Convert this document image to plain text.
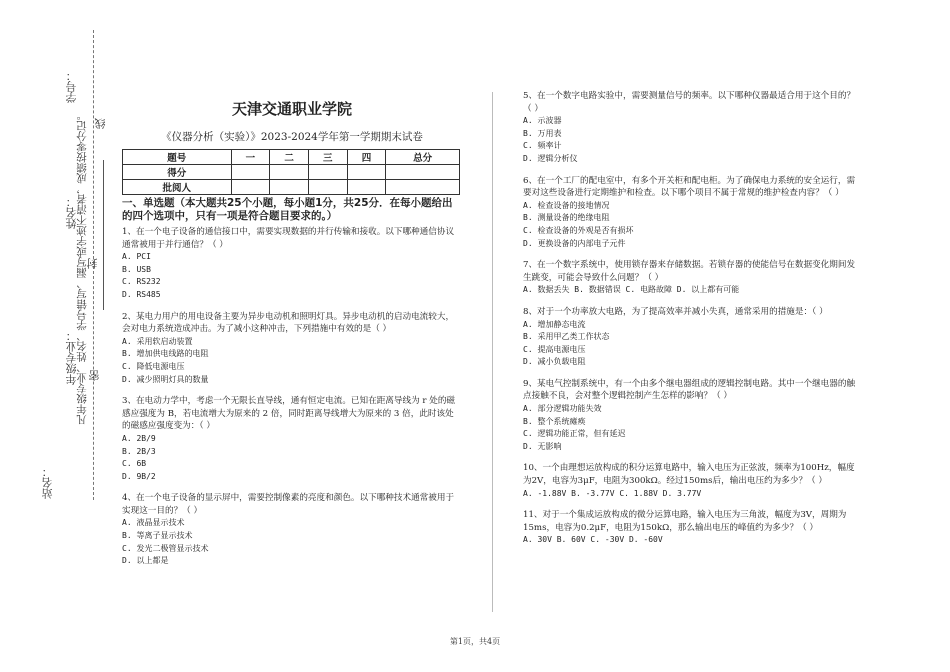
学号：
线
姓名：
封
凡年级专业、姓名、学号错写、漏写或字迹不清者，成绩按零分记。 密
年级专业：
站名：
天津交通职业学院
《仪器分析（实验）》2023-2024学年第一学期期末试卷
题号	一	二	三	四	总分
得分					
批阅人					
一、单选题（本大题共25个小题，每小题1分，共25分．在每小题给出的四个选项中，只有一项是符合题目要求的。）

1、在一个电子设备的通信接口中，需要实现数据的并行传输和接收。以下哪种通信协议通常被用于并行通信？（ ）

A. PCI

B. USB

C. RS232

D. RS485

2、某电力用户的用电设备主要为异步电动机和照明灯具。异步电动机的启动电流较大，会对电力系统造成冲击。为了减小这种冲击，下列措施中有效的是（ ）

A. 采用软启动装置

B. 增加供电线路的电阻

C. 降低电源电压

D. 减少照明灯具的数量

3、在电动力学中，考虑一个无限长直导线，通有恒定电流。已知在距离导线为 r 处的磁感应强度为 B，若电流增大为原来的 2 倍，同时距离导线增大为原来的 3 倍，此时该处的磁感应强度变为：（ ）

A. 2B/9

B. 2B/3

C. 6B

D. 9B/2

4、在一个电子设备的显示屏中，需要控制像素的亮度和颜色。以下哪种技术通常被用于实现这一目的？（ ）

A. 液晶显示技术

B. 等离子显示技术

C. 发光二极管显示技术

D. 以上都是

5、在一个数字电路实验中，需要测量信号的频率。以下哪种仪器最适合用于这个目的？（ ）

A. 示波器

B. 万用表

C. 频率计

D. 逻辑分析仪

6、在一个工厂的配电室中，有多个开关柜和配电柜。为了确保电力系统的安全运行，需要对这些设备进行定期维护和检查。以下哪个项目不属于常规的维护检查内容？（ ）

A. 检查设备的接地情况

B. 测量设备的绝缘电阻

C. 检查设备的外观是否有损坏

D. 更换设备的内部电子元件

7、在一个数字系统中，使用锁存器来存储数据。若锁存器的使能信号在数据变化期间发生跳变，可能会导致什么问题？（ ）

A. 数据丢失 B. 数据错误 C. 电路故障 D. 以上都有可能

8、对于一个功率放大电路，为了提高效率并减小失真，通常采用的措施是：（ ）

A. 增加静态电流

B. 采用甲乙类工作状态

C. 提高电源电压

D. 减小负载电阻

9、某电气控制系统中，有一个由多个继电器组成的逻辑控制电路。其中一个继电器的触点接触不良，会对整个逻辑控制产生怎样的影响？（ ）

A. 部分逻辑功能失效

B. 整个系统瘫痪

C. 逻辑功能正常，但有延迟

D. 无影响

10、一个由理想运放构成的积分运算电路中，输入电压为正弦波，频率为100Hz，幅度为2V，电容为3μF，电阻为300kΩ。经过150ms后，输出电压约为多少？（ ）

A. -1.88V B. -3.77V C. 1.88V D. 3.77V

11、对于一个集成运放构成的微分运算电路，输入电压为三角波，幅度为3V，周期为15ms，电容为0.2μF，电阻为150kΩ，那么输出电压的峰值约为多少？（ ）

A. 30V B. 60V C. -30V D. -60V

第1页，共4页
